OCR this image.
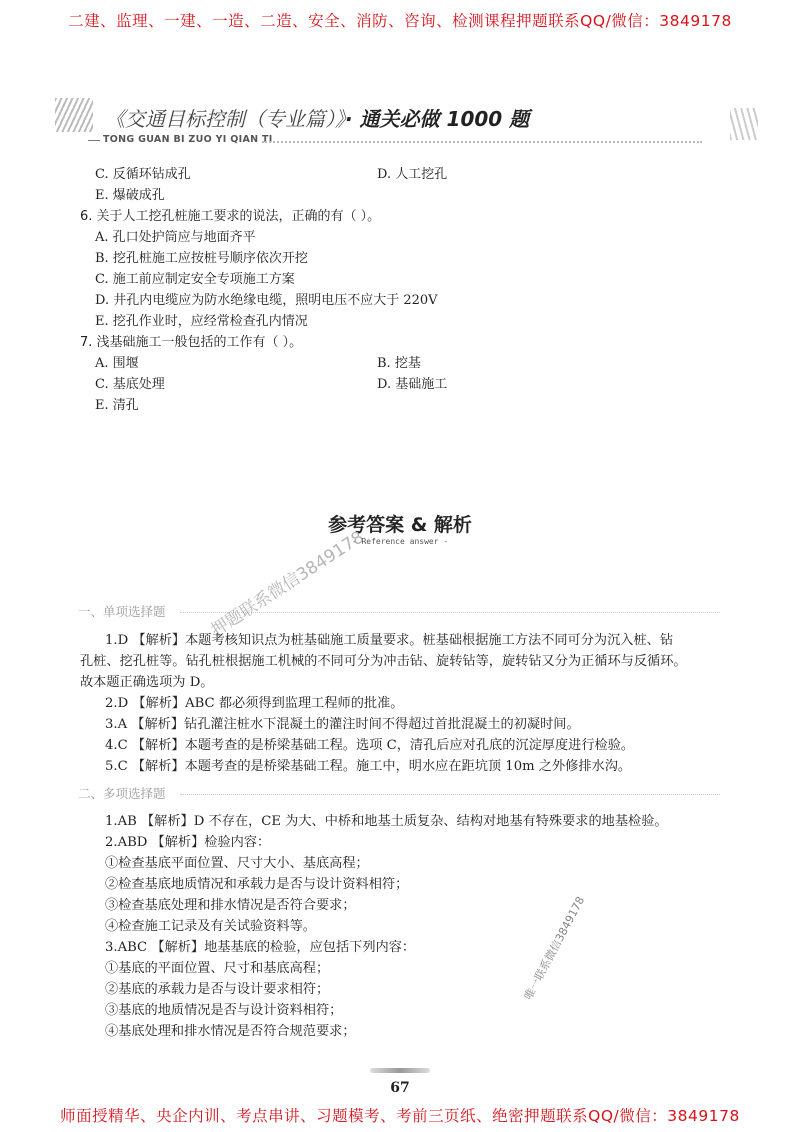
二建、监理、一建、一造、二造、安全、消防、咨询、检测课程押题联系QQ/微信：3849178
《交通目标控制（专业篇）》· 通关必做 1000 题
TONG GUAN BI ZUO YI QIAN TI
C. 反循环钻成孔	D. 人工挖孔
E. 爆破成孔
6. 关于人工挖孔桩施工要求的说法，正确的有（ ）。
A. 孔口处护筒应与地面齐平
B. 挖孔桩施工应按桩号顺序依次开挖
C. 施工前应制定安全专项施工方案
D. 井孔内电缆应为防水绝缘电缆，照明电压不应大于 220V
E. 挖孔作业时，应经常检查孔内情况
7. 浅基础施工一般包括的工作有（ ）。
A. 围堰	B. 挖基
C. 基底处理	D. 基础施工
E. 清孔
参考答案 & 解析
- Reference answer -
一、单项选择题
1.D 【解析】本题考核知识点为桩基础施工质量要求。桩基础根据施工方法不同可分为沉入桩、钻
孔桩、挖孔桩等。钻孔桩根据施工机械的不同可分为冲击钻、旋转钻等，旋转钻又分为正循环与反循环。
故本题正确选项为 D。
2.D 【解析】ABC 都必须得到监理工程师的批准。
3.A 【解析】钻孔灌注桩水下混凝土的灌注时间不得超过首批混凝土的初凝时间。
4.C 【解析】本题考查的是桥梁基础工程。选项 C，清孔后应对孔底的沉淀厚度进行检验。
5.C 【解析】本题考查的是桥梁基础工程。施工中，明水应在距坑顶 10m 之外修排水沟。
二、多项选择题
1.AB 【解析】D 不存在，CE 为大、中桥和地基土质复杂、结构对地基有特殊要求的地基检验。
2.ABD 【解析】检验内容：
①检查基底平面位置、尺寸大小、基底高程；
②检查基底地质情况和承载力是否与设计资料相符；
③检查基底处理和排水情况是否符合要求；
④检查施工记录及有关试验资料等。
3.ABC 【解析】地基基底的检验，应包括下列内容：
①基底的平面位置、尺寸和基底高程；
②基底的承载力是否与设计要求相符；
③基底的地质情况是否与设计资料相符；
④基底处理和排水情况是否符合规范要求；
67
押题联系微信3849178
唯一联系微信3849178
师面授精华、央企内训、考点串讲、习题模考、考前三页纸、绝密押题联系QQ/微信：3849178
